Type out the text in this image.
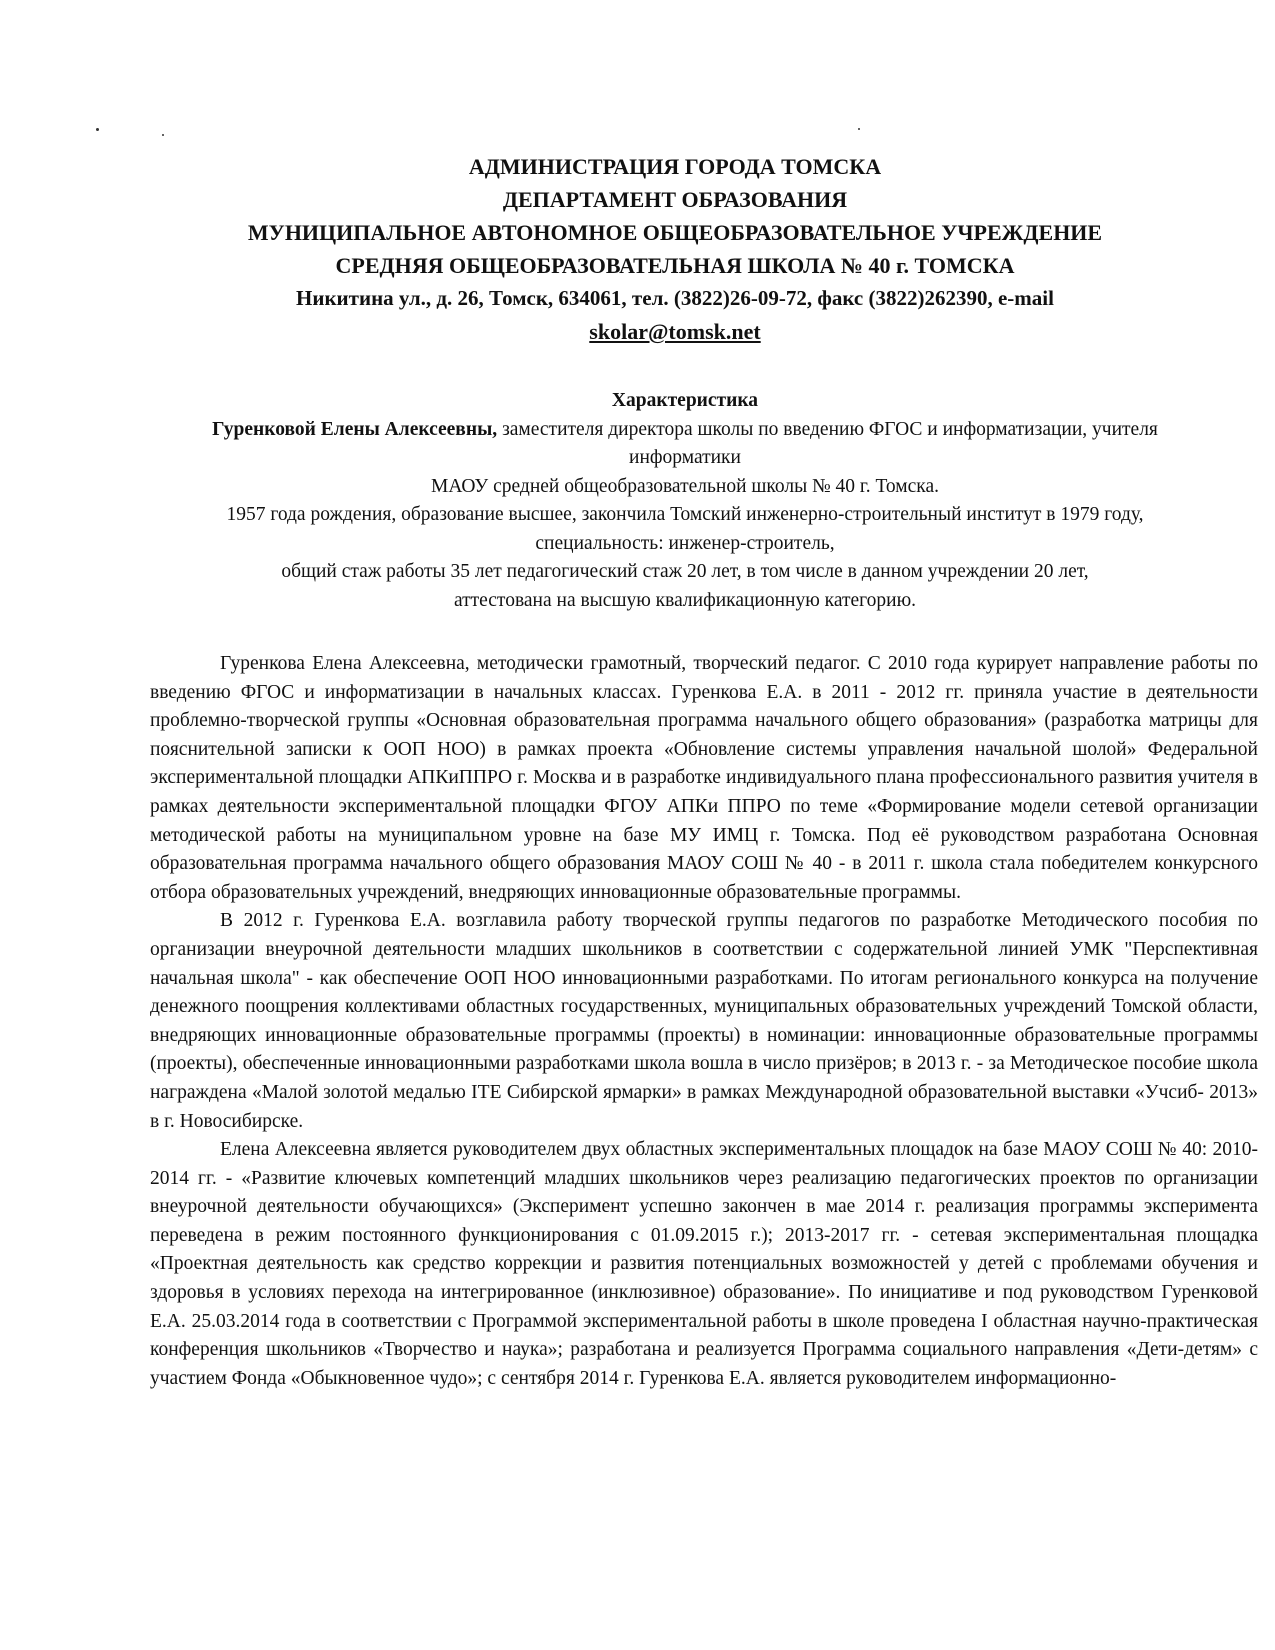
АДМИНИСТРАЦИЯ ГОРОДА ТОМСКА
ДЕПАРТАМЕНТ ОБРАЗОВАНИЯ
МУНИЦИПАЛЬНОЕ АВТОНОМНОЕ ОБЩЕОБРАЗОВАТЕЛЬНОЕ УЧРЕЖДЕНИЕ
СРЕДНЯЯ ОБЩЕОБРАЗОВАТЕЛЬНАЯ ШКОЛА № 40 г. ТОМСКА
Никитина ул., д. 26, Томск, 634061, тел. (3822)26-09-72, факс (3822)262390, e-mail
skolar@tomsk.net
Характеристика
Гуренковой Елены Алексеевны, заместителя директора школы по введению ФГОС и информатизации, учителя информатики
МАОУ средней общеобразовательной школы № 40 г. Томска.
1957 года рождения, образование высшее, закончила Томский инженерно-строительный институт в 1979 году, специальность: инженер-строитель,
общий стаж работы 35 лет педагогический стаж 20 лет, в том числе в данном учреждении 20 лет,
аттестована на высшую квалификационную категорию.

Гуренкова Елена Алексеевна, методически грамотный, творческий педагог. С 2010 года курирует направление работы по введению ФГОС и информатизации в начальных классах. Гуренкова Е.А. в 2011 - 2012 гг. приняла участие в деятельности проблемно-творческой группы «Основная образовательная программа начального общего образования» (разработка матрицы для пояснительной записки к ООП НОО) в рамках проекта «Обновление системы управления начальной шолой» Федеральной экспериментальной площадки АПКиППРО г. Москва и в разработке индивидуального плана профессионального развития учителя в рамках деятельности экспериментальной площадки ФГОУ АПКи ППРО по теме «Формирование модели сетевой организации методической работы на муниципальном уровне на базе МУ ИМЦ г. Томска. Под её руководством разработана Основная образовательная программа начального общего образования МАОУ СОШ № 40 - в 2011 г. школа стала победителем конкурсного отбора образовательных учреждений, внедряющих инновационные образовательные программы.

В 2012 г. Гуренкова Е.А. возглавила работу творческой группы педагогов по разработке Методического пособия по организации внеурочной деятельности младших школьников в соответствии с содержательной линией УМК "Перспективная начальная школа" - как обеспечение ООП НОО инновационными разработками. По итогам регионального конкурса на получение денежного поощрения коллективами областных государственных, муниципальных образовательных учреждений Томской области, внедряющих инновационные образовательные программы (проекты) в номинации: инновационные образовательные программы (проекты), обеспеченные инновационными разработками школа вошла в число призёров; в 2013 г. - за Методическое пособие школа награждена «Малой золотой медалью ITE Сибирской ярмарки» в рамках Международной образовательной выставки «Учсиб- 2013» в г. Новосибирске.

Елена Алексеевна является руководителем двух областных экспериментальных площадок на базе МАОУ СОШ № 40: 2010-2014 гг. - «Развитие ключевых компетенций младших школьников через реализацию педагогических проектов по организации внеурочной деятельности обучающихся» (Эксперимент успешно закончен в мае 2014 г. реализация программы эксперимента переведена в режим постоянного функционирования с 01.09.2015 г.); 2013-2017 гг. - сетевая экспериментальная площадка «Проектная деятельность как средство коррекции и развития потенциальных возможностей у детей с проблемами обучения и здоровья в условиях перехода на интегрированное (инклюзивное) образование». По инициативе и под руководством Гуренковой Е.А. 25.03.2014 года в соответствии с Программой экспериментальной работы в школе проведена I областная научно-практическая конференция школьников «Творчество и наука»; разработана и реализуется Программа социального направления «Дети-детям» с участием Фонда «Обыкновенное чудо»; с сентября 2014 г. Гуренкова Е.А. является руководителем информационно-
